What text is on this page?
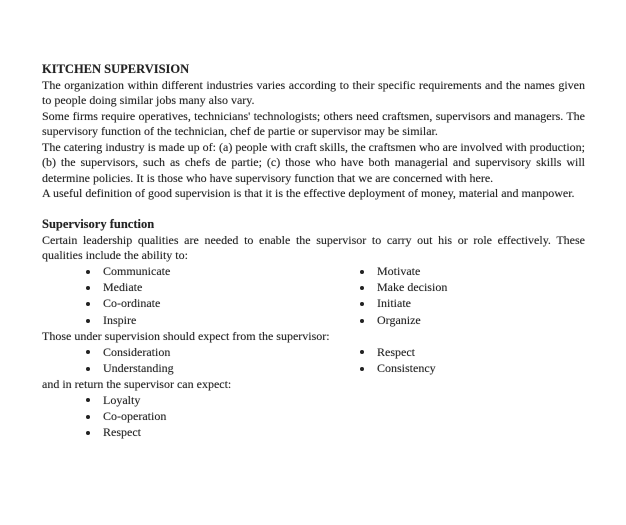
KITCHEN SUPERVISION

The organization within different industries varies according to their specific requirements and the names given to people doing similar jobs many also vary.

Some firms require operatives, technicians' technologists; others need craftsmen, supervisors and managers. The supervisory function of the technician, chef de partie or supervisor may be similar.

The catering industry is made up of: (a) people with craft skills, the craftsmen who are involved with production; (b) the supervisors, such as chefs de partie; (c) those who have both managerial and supervisory skills will determine policies. It is those who have supervisory function that we are concerned with here.

A useful definition of good supervision is that it is the effective deployment of money, material and manpower.

Supervisory function

Certain leadership qualities are needed to enable the supervisor to carry out his or role effectively. These qualities include the ability to:

Communicate	Motivate
Mediate	Make decision
Co-ordinate	Initiate
Inspire	Organize

Those under supervision should expect from the supervisor:

Consideration	Respect
Understanding	Consistency

and in return the supervisor can expect:

Loyalty
Co-operation
Respect
